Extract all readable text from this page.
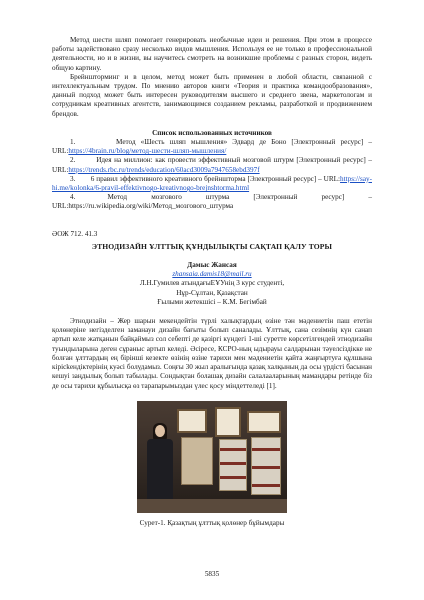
Метод шести шляп помогает генерировать необычные идеи и решения. При этом в процессе работы задействовано сразу несколько видов мышления. Используя ее не только в профессиональной деятельности, но и в жизни, вы научитесь смотреть на возникшие проблемы с разных сторон, видеть общую картину.

Брейншторминг и в целом, метод может быть применен в любой области, связанной с интеллектуальным трудом. По мнению авторов книги «Теория и практика командообразования», данный подход может быть интересен руководителям высшего и среднего звена, маркетологам и сотрудникам креативных агентств, занимающимся созданием рекламы, разработкой и продвижением брендов.

Список использованных источников

1.        Метод «Шесть шляп мышления» Эдвард де Боно [Электронный ресурс] – URL:https://4brain.ru/blog/метод-шести-шляп-мышления/

2.        Идея на миллион: как провести эффективный мозговой штурм [Электронный ресурс] – URL:https://trends.rbc.ru/trends/education/60acd3009a79476​58ebd397f

3.        6 правил эффективного креативного брейншторма [Электронный ресурс] – URL:https://say-hi.me/kolonka/6-pravil-effektivnogo-kreativnogo-brejnshtorma.html

4.        Метод      мозгового      штурма      [Электронный      ресурс]      – URL:https://ru.wikipedia.org/wiki/Метод_мозгового_штурма

ӘОЖ 712. 41.3

ЭТНОДИЗАЙН ҰЛТТЫҚ ҚҰНДЫЛЫҚТЫ САҚТАП ҚАЛУ ТОРЫ

Дамыс Жансая
zhansaia.damis18@mail.ru
Л.Н.Гумилев атындағыЕҰУнің 3 курс студенті,
Нұр-Сұлтан, Қазақстан
Ғылыми жетекшісі – К.М. Бегімбай

Этнодизайн – Жер шарын мекендейтін түрлі халықтардың өзіне тән мәдениетін паш ететін қолөнеріне негізделген заманауи дизайн бағыты болып саналады. Ұлттық, сана сезімнің күн санап артып келе жатқанын байқаймыз сол себепті де қазіргі күндегі 1-ші суретте көрсетілгендей этнодизайн туындыларына деген сұраныс артып келеді. Әсіресе, КСРО-ның ыдырауы салдарынан тәуелсіздікке не болған ұлттардың ең бірінші кезекте өзінің өзіне тарихи мен мәдениетін қайта жаңғыртуға құлшына кірісkендіктерінің куәсі болудамыз. Соңғы 30 жыл аралығында қазақ халқының да осы үрдісті басынан кешуі заңдылық болып табылады. Сондықтан болашақ дизайн салалааларының мамандары ретінде біз де осы тарихи құбылысқа өз тарапарымыздан үлес қосу міндеттеледі [1].

Сурет-1. Қазақтың ұлттық қолөнер бұйымдары

5835
